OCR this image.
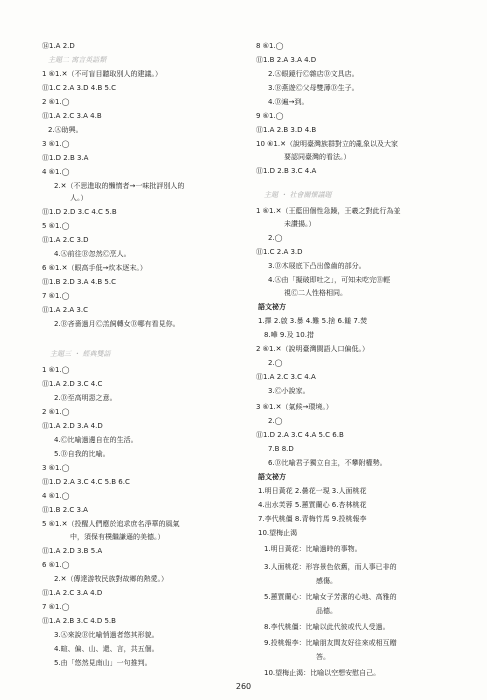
⑭1.A 2.D
主題二 寓言英語類
1 ⑥1.✕（不可盲目聽取別人的建議。）
⑪1.C 2.A 3.D 4.B 5.C
2 ⑥1.◯
⑪1.A 2.C 3.A 4.B
2.Ⓐ助興。
3 ⑥1.◯
⑪1.D 2.B 3.A
4 ⑥1.◯
2.✕（不思進取的懶惰者→一味批評別人的
人。）
⑪1.D 2.D 3.C 4.C 5.B
5 ⑥1.◯
⑪1.A 2.C 3.D
4.Ⓐ前往Ⓑ忽然Ⓒ烹人。
6 ⑥1.✕（眼高手低→炊本逐末。）
⑪1.B 2.D 3.A 4.B 5.C
7 ⑥1.◯
⑪1.A 2.A 3.C
2.Ⓑ吝嗇過月Ⓒ羔飼轉女Ⓓ哪有看見你。
主題三 ・ 經典雙語
1 ⑥1.◯
⑪1.A 2.D 3.C 4.C
2.Ⓓ至高明惡之意。
2 ⑥1.◯
⑪1.A 2.D 3.A 4.D
4.Ⓒ比喻過邊自在的生活。
5.Ⓓ自我的比喻。
3 ⑥1.◯
⑪1.D 2.A 3.C 4.C 5.B 6.C
4 ⑥1.◯
⑪1.B 2.C 3.A
5 ⑥1.✕（投醒人們應於追求庶名淨華的風氣
中，須保有樸繼謙遜的美德。）
⑪1.A 2.D 3.B 5.A
6 ⑥1.◯
2.✕（傳達游牧民族對故鄉的熱愛。）
⑪1.A 2.C 3.A 4.D
7 ⑥1.◯
⑪1.A 2.B 3.C 4.D 5.B
3.Ⓐ來說Ⓑ比喻悄過者悠其形貌。
4.暄、偏、山、還、言，共五個。
5.由「悠然見南山」一句推判。
8 ⑥1.◯
⑪1.B 2.A 3.A 4.D
2.Ⓐ眼鏡行Ⓒ雜店Ⓓ文具店。
3.Ⓑ燕遊Ⓒ父母雙薄Ⓓ生子。
4.Ⓓ遍→到。
9 ⑥1.◯
⑪1.A 2.B 3.D 4.B
10 ⑥1.✕（說明臺灣族群對立的亂象以及大家
要認同臺灣的看法。）
⑪1.D 2.B 3.C 4.A
主題 ・ 社會關懷議題
1 ⑥1.✕（王藍田個性急躁，王羲之對此行為並
未讚揚。）
2.◯
⑪1.C 2.A 3.D
3.Ⓓ木屐底下凸出像齒的部分。
4.Ⓐ由「擬破即吐之」，可知未吃完Ⓑ輕
視Ⓒ二人性格相同。
語文祕方
1.擇 2.啟 3.暴 4.難 5.捨 6.饈 7.焚
8.嘩 9.及 10.措
2 ⑥1.✕（說明臺灣閩語人口偏低。）
2.◯
⑪1.A 2.C 3.C 4.A
3.Ⓒ小說家。
3 ⑥1.✕（氣候→環境。）
2.◯
⑪1.D 2.A 3.C 4.A 5.C 6.B
7.B 8.D
6.Ⓓ比喻君子獨立自主，不攀附權勢。
語文祕方
1.明日黃花 2.曇花一現 3.人面桃花
4.出水芙蓉 5.蕙質蘭心 6.杏林桃花
7.李代桃僵 8.青梅竹馬 9.投桃報李
10.望梅止渴
1.明日黃花：比喻過時的事物。
3.人面桃花：形容景色依舊，而人事已非的
感傷。
5.蕙質蘭心：比喻女子芳潔的心地、高雅的
品德。
8.李代桃僵：比喻以此代彼或代人受過。
9.投桃報李：比喻朋友間友好往來或相互贈
答。
10.望梅止渴：比喻以空想安慰自己。
260
